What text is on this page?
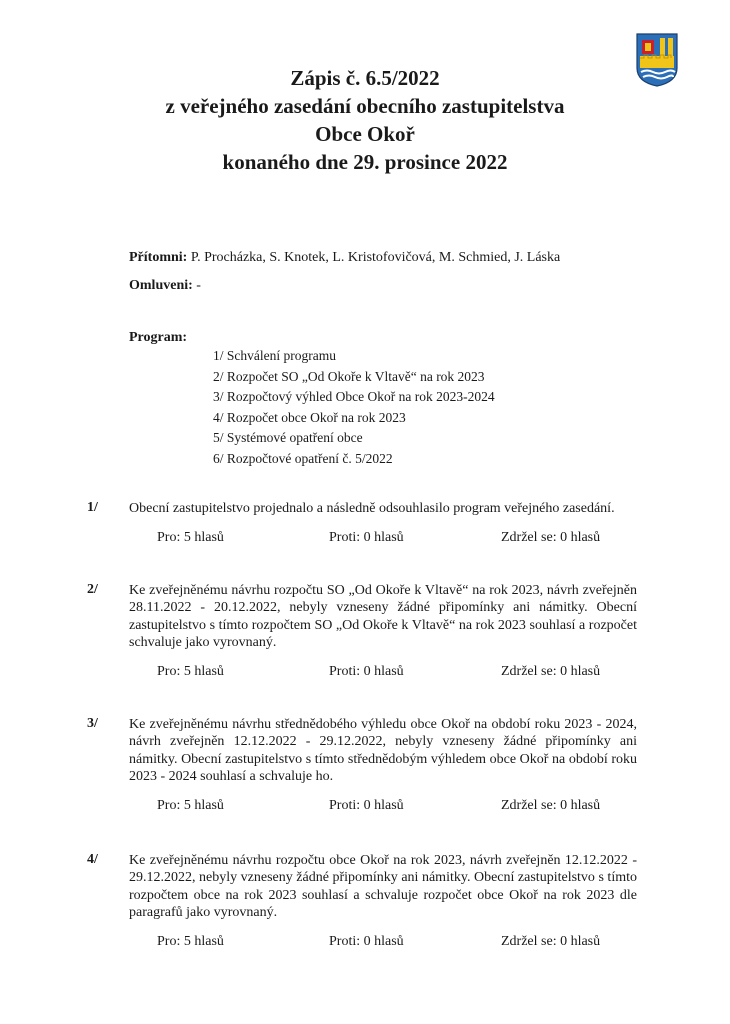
Zápis č. 6.5/2022
z veřejného zasedání obecního zastupitelstva
Obce Okoř
konaného dne 29. prosince 2022
Přítomni: P. Procházka, S. Knotek, L. Kristofovičová, M. Schmied, J. Láska
Omluveni: -
Program:
1/ Schválení programu
2/ Rozpočet SO „Od Okoře k Vltavě“ na rok 2023
3/ Rozpočtový výhled Obce Okoř na rok 2023-2024
4/ Rozpočet obce Okoř na rok 2023
5/ Systémové opatření obce
6/ Rozpočtové opatření č. 5/2022
1/ Obecní zastupitelstvo projednalo a následně odsouhlasilo program veřejného zasedání.
Pro: 5 hlasů	Proti: 0 hlasů	Zdržel se: 0 hlasů
2/ Ke zveřejněnému návrhu rozpočtu SO „Od Okoře k Vltavě“ na rok 2023, návrh zveřejněn 28.11.2022 - 20.12.2022, nebyly vzneseny žádné připomínky ani námitky. Obecní zastupitelstvo s tímto rozpočtem SO „Od Okoře k Vltavě“ na rok 2023 souhlasí a rozpočet schvaluje jako vyrovnaný.
Pro: 5 hlasů	Proti: 0 hlasů	Zdržel se: 0 hlasů
3/ Ke zveřejněnému návrhu střednědobého výhledu obce Okoř na období roku 2023 - 2024, návrh zveřejněn 12.12.2022 - 29.12.2022, nebyly vzneseny žádné připomínky ani námitky. Obecní zastupitelstvo s tímto střednědobým výhledem obce Okoř na období roku 2023 - 2024 souhlasí a schvaluje ho.
Pro: 5 hlasů	Proti: 0 hlasů	Zdržel se: 0 hlasů
4/ Ke zveřejněnému návrhu rozpočtu obce Okoř na rok 2023, návrh zveřejněn 12.12.2022 - 29.12.2022, nebyly vzneseny žádné připomínky ani námitky. Obecní zastupitelstvo s tímto rozpočtem obce na rok 2023 souhlasí a schvaluje rozpočet obce Okoř na rok 2023 dle paragrafů jako vyrovnaný.
Pro: 5 hlasů	Proti: 0 hlasů	Zdržel se: 0 hlasů
